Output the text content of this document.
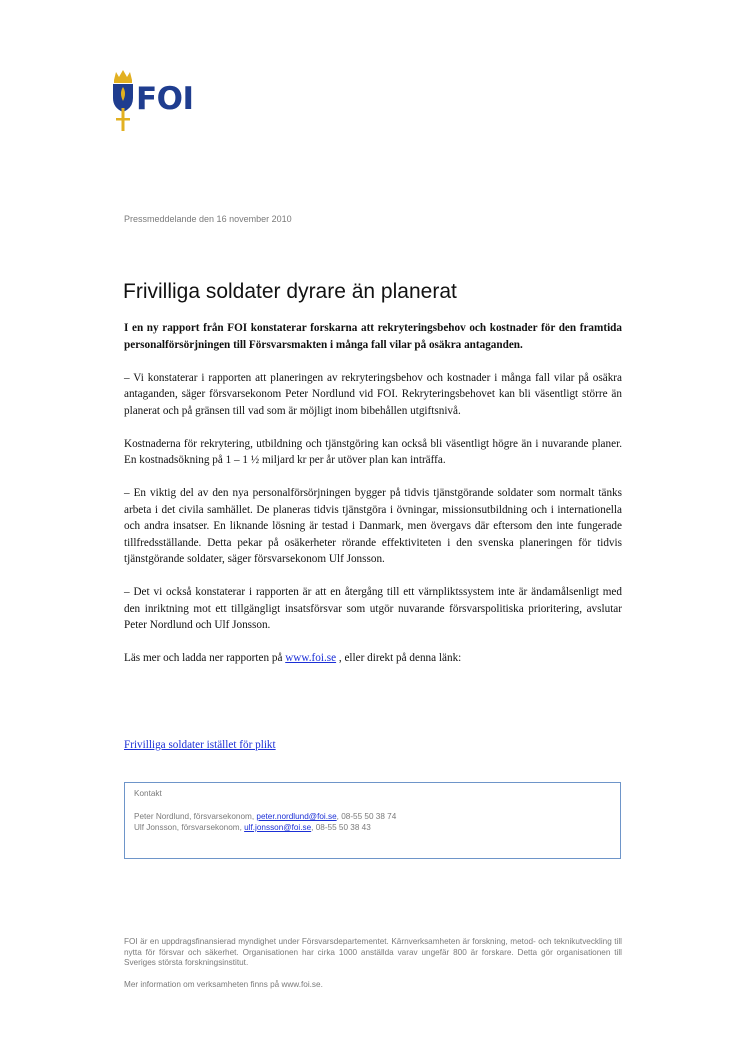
FOI
Pressmeddelande den 16 november 2010
Frivilliga soldater dyrare än planerat

I en ny rapport från FOI konstaterar forskarna att rekryteringsbehov och kostnader för den framtida personalförsörjningen till Försvarsmakten i många fall vilar på osäkra antaganden.

– Vi konstaterar i rapporten att planeringen av rekryteringsbehov och kostnader i många fall vilar på osäkra antaganden, säger försvarsekonom Peter Nordlund vid FOI. Rekryteringsbehovet kan bli väsentligt större än planerat och på gränsen till vad som är möjligt inom bibehållen utgiftsnivå.

Kostnaderna för rekrytering, utbildning och tjänstgöring kan också bli väsentligt högre än i nuvarande planer. En kostnadsökning på 1 – 1 ½ miljard kr per år utöver plan kan inträffa.

– En viktig del av den nya personalförsörjningen bygger på tidvis tjänstgörande soldater som normalt tänks arbeta i det civila samhället. De planeras tidvis tjänstgöra i övningar, missionsutbildning och i internationella och andra insatser. En liknande lösning är testad i Danmark, men övergavs där eftersom den inte fungerade tillfredsställande. Detta pekar på osäkerheter rörande effektiviteten i den svenska planeringen för tidvis tjänstgörande soldater, säger försvarsekonom Ulf Jonsson.

– Det vi också konstaterar i rapporten är att en återgång till ett värnpliktssystem inte är ändamålsenligt med den inriktning mot ett tillgängligt insatsförsvar som utgör nuvarande försvarspolitiska prioritering, avslutar Peter Nordlund och Ulf Jonsson.

Läs mer och ladda ner rapporten på www.foi.se , eller direkt på denna länk:

Frivilliga soldater istället för plikt
Kontakt
Peter Nordlund, försvarsekonom, peter.nordlund@foi.se, 08-55 50 38 74
Ulf Jonsson, försvarsekonom, ulf.jonsson@foi.se, 08-55 50 38 43

FOI är en uppdragsfinansierad myndighet under Försvarsdepartementet. Kärnverksamheten är forskning, metod- och teknikutveckling till nytta för försvar och säkerhet. Organisationen har cirka 1000 anställda varav ungefär 800 är forskare. Detta gör organisationen till Sveriges största forskningsinstitut.

Mer information om verksamheten finns på www.foi.se.
